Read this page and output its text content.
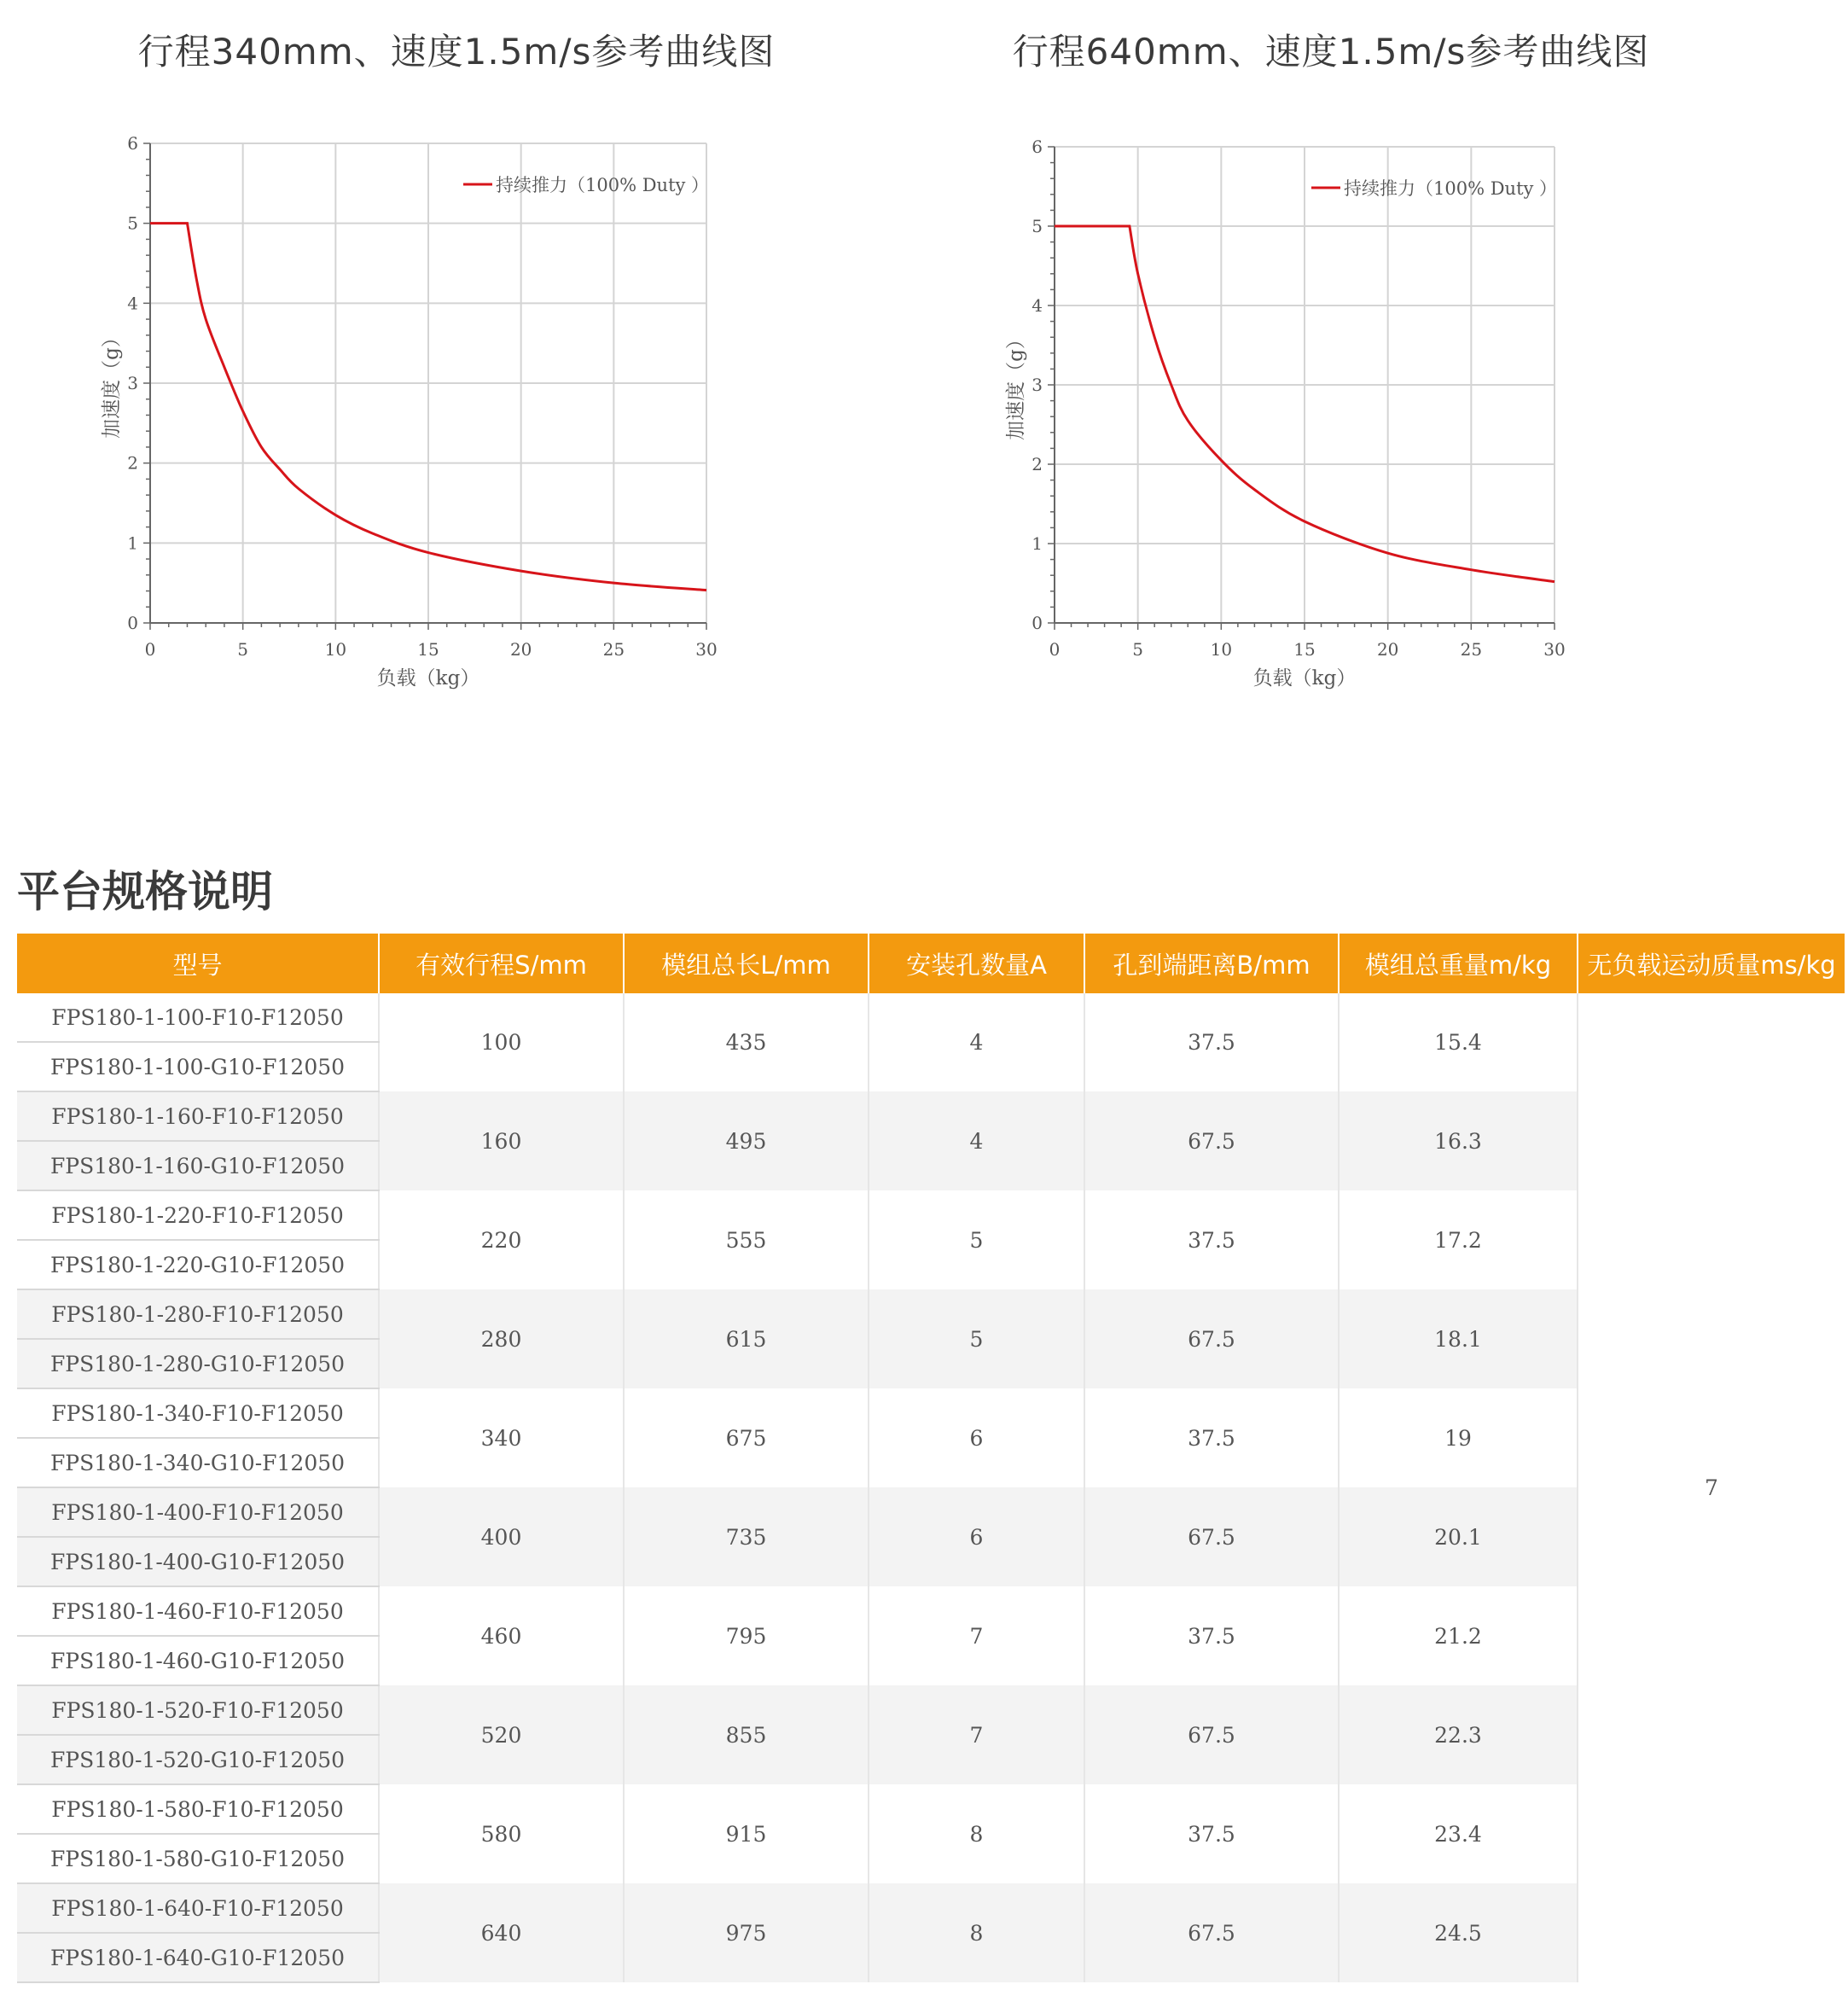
行程340mm、速度1.5m/s参考曲线图	行程640mm、速度1.5m/s参考曲线图
0	5	10	15	20	25	30
0
1
2
3
4
5
6
负载（kg）
加速度（g）
持续推力（100% Duty ）
0	5	10	15	20	25	30
0
1
2
3
4
5
6
负载（kg）
加速度（g）
持续推力（100% Duty ）
平台规格说明
型号	有效行程S/mm	模组总长L/mm	安装孔数量A	孔到端距离B/mm	模组总重量m/kg	无负载运动质量ms/kg
FPS180-1-100-F10-F12050	100	435	4	37.5	15.4	7
FPS180-1-100-G10-F12050						
FPS180-1-160-F10-F12050	160	495	4	67.5	16.3	
FPS180-1-160-G10-F12050						
FPS180-1-220-F10-F12050	220	555	5	37.5	17.2	
FPS180-1-220-G10-F12050						
FPS180-1-280-F10-F12050	280	615	5	67.5	18.1	
FPS180-1-280-G10-F12050						
FPS180-1-340-F10-F12050	340	675	6	37.5	19	
FPS180-1-340-G10-F12050						
FPS180-1-400-F10-F12050	400	735	6	67.5	20.1	
FPS180-1-400-G10-F12050						
FPS180-1-460-F10-F12050	460	795	7	37.5	21.2	
FPS180-1-460-G10-F12050						
FPS180-1-520-F10-F12050	520	855	7	67.5	22.3	
FPS180-1-520-G10-F12050						
FPS180-1-580-F10-F12050	580	915	8	37.5	23.4	
FPS180-1-580-G10-F12050						
FPS180-1-640-F10-F12050	640	975	8	67.5	24.5	
FPS180-1-640-G10-F12050						
